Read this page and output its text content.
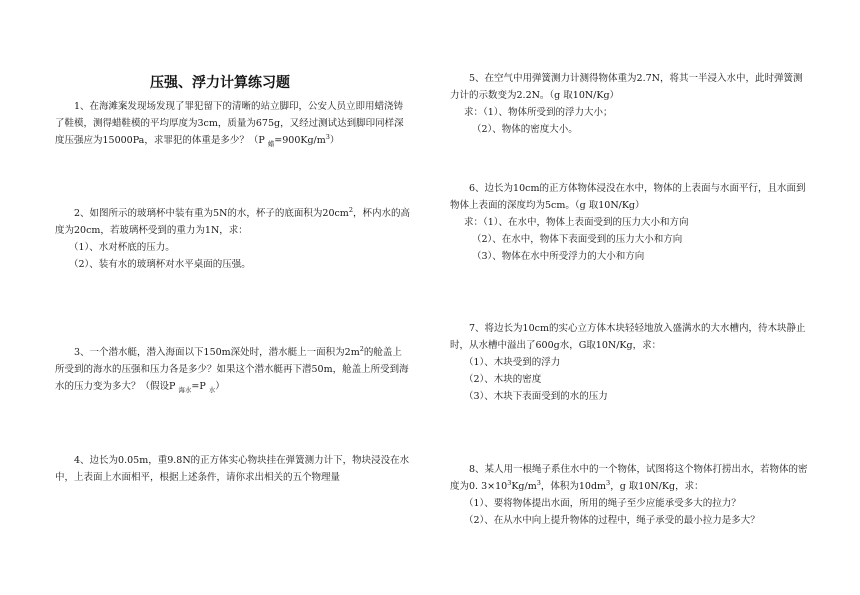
压强、浮力计算练习题

1、在海滩案发现场发现了罪犯留下的清晰的站立脚印，公安人员立即用蜡浇铸了鞋模，测得蜡鞋模的平均厚度为3cm，质量为675g，又经过测试达到脚印同样深度压强应为15000Pa，求罪犯的体重是多少？（P $_蜡=900Kg/m^3$）

2、如图所示的玻璃杯中装有重为5N的水，杯子的底面积为$20cm^2$，杯内水的高度为20cm，若玻璃杯受到的重力为1N，求：

（1）、水对杯底的压力。

（2）、装有水的玻璃杯对水平桌面的压强。

3、一个潜水艇，潜入海面以下150m深处时，潜水艇上一面积为$2m^2$的舱盖上所受到的海水的压强和压力各是多少？如果这个潜水艇再下潜50m，舱盖上所受到海水的压力变为多大？（假设P $_{海水}$=P $_水$）

4、边长为0.05m，重9.8N的正方体实心物块挂在弹簧测力计下，物块浸没在水中，上表面上水面相平，根据上述条件，请你求出相关的五个物理量

5、在空气中用弹簧测力计测得物体重为2.7N，将其一半浸入水中，此时弹簧测力计的示数变为2.2N。（g 取10N/Kg）

求：（1）、物体所受到的浮力大小；

（2）、物体的密度大小。

6、边长为10cm的正方体物体浸没在水中，物体的上表面与水面平行，且水面到物体上表面的深度均为5cm。（g 取10N/Kg）

求：（1）、在水中，物体上表面受到的压力大小和方向

（2）、在水中，物体下表面受到的压力大小和方向

（3）、物体在水中所受浮力的大小和方向

7、将边长为10cm的实心立方体木块轻轻地放入盛满水的大水槽内，待木块静止时，从水槽中溢出了600g水，G取10N/Kg，求：

（1）、木块受到的浮力

（2）、木块的密度

（3）、木块下表面受到的水的压力

8、某人用一根绳子系住水中的一个物体，试图将这个物体打捞出水，若物体的密度为0. $3\times 10^3Kg/m^3$，体积为$10dm^3$，g 取10N/Kg，求：

（1）、要将物体提出水面，所用的绳子至少应能承受多大的拉力？

（2）、在从水中向上提升物体的过程中，绳子承受的最小拉力是多大？
